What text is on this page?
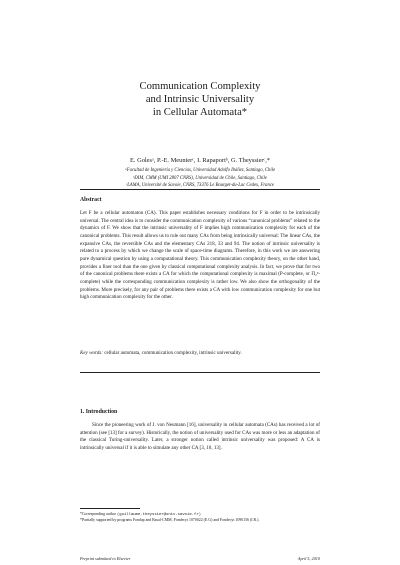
Communication Complexity
and Intrinsic Universality
in Cellular Automata*
E. Golesᵃ, P.-E. Meunierᶜ, I. Rapaportᵇ, G. Theyssierᶜ,*
ᵃFacultad de Ingeniería y Ciencias, Universidad Adolfo Ibáñez, Santiago, Chile
ᵇDIM, CMM (UMI 2807 CNRS), Universidad de Chile, Santiago, Chile
ᶜLAMA, Université de Savoie, CNRS, 73376 Le Bourget-du-Lac Cedex, France
Abstract
Let F be a cellular automaton (CA). This paper establishes necessary conditions for F in order to be intrinsically universal. The central idea is to consider the communication complexity of various “canonical problems” related to the dynamics of F. We show that the intrinsic universality of F implies high communication complexity for each of the canonical problems. This result allows us to rule out many CAs from being intrinsically universal: The linear CAs, the expansive CAs, the reversible CAs and the elementary CAs 218, 33 and 94. The notion of intrinsic universality is related to a process by which we change the scale of space-time diagrams. Therefore, in this work we are answering pure dynamical question by using a computational theory. This communication complexity theory, on the other hand, provides a finer tool than the one given by classical computational complexity analysis. In fact, we prove that for two of the canonical problems there exists a CA for which the computational complexity is maximal (P-complete, or Π₂ᵖ-complete) while the corresponding communication complexity is rather low. We also show the orthogonality of the problems. More precisely, for any pair of problems there exists a CA with low communication complexity for one but high communication complexity for the other.
Key words: cellular automata, communication complexity, intrinsic universality.
1. Introduction
Since the pioneering work of J. von Neumann [16], universality in cellular automata (CAs) has received a lot of attention (see [13] for a survey). Historically, the notion of universality used for CAs was more or less an adaptation of the classical Turing-universality. Later, a stronger notion called intrinsic universality was proposed: A CA is intrinsically universal if it is able to simulate any other CA [3, 10, 13].
*Corresponding author (guillaume.theyssier@univ-savoie.fr)
*Partially supported by programs Fondap and Basal-CMM, Fondecyt 1070022 (E.G) and Fondecyt 1090156 (I.R.).
Preprint submitted to Elsevier	April 5, 2010
